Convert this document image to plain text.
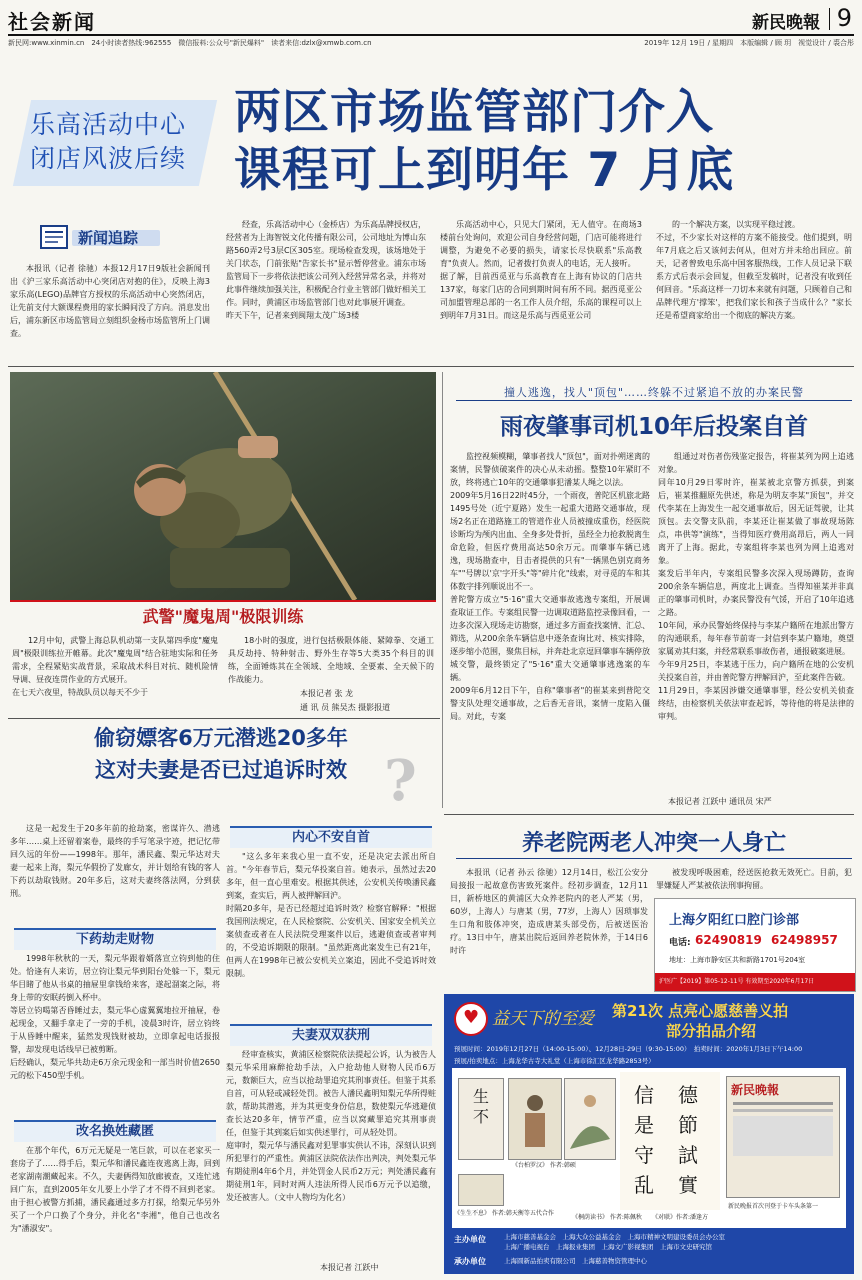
社会新闻	新民晚報 9
新民网:www.xinmin.cn　24小时读者热线:962555　微信报料:公众号"新民爆料"　读者来信:dzlx@xmwb.com.cn	2019年 12月 19日 / 星期四　本版编辑 / 顾 玥　视觉设计 / 裘合彤
乐高活动中心
闭店风波后续
两区市场监管部门介入
课程可上到明年 7 月底
新闻追踪

本报讯（记者 徐驰）本报12月17日9版社会新闻刊出《沪三家乐高活动中心突闭店对抱的住》，反映上海3家乐高(LEGO)品牌官方授权的乐高活动中心突然闭店，让先前支付大额课程费用的家长瞬间没了方向。消息发出后，浦东新区市场监管局立刻组织金杨市场监管所上门调查。

经查，乐高活动中心（金桥店）为乐高品牌授权店，经营者为上海智锐文化传播有限公司，公司地址为博山东路560弄2号3层C区305室。现场检查发现，该场地处于关门状态，门前张贴"告家长书"显示暂停营业。浦东市场监管局下一步将依法把该公司列入经营异常名录，并将对此事件继续加强关注，积极配合行业主管部门做好相关工作。同时，黄浦区市场监管部门也对此事展开调查。
昨天下午，记者来到闽翔太茂广场3楼

乐高活动中心，只见大门紧闭，无人值守。在商场3楼前台处询问，欢迎公司自身经营问题，门店可能将进行调整，为避免不必要的损失，请家长尽快联系"乐高教育"负责人。然而，记者拨打负责人的电话，无人接听。
据了解，目前西觅亚与乐高教育在上海有协议的门店共137家，每家门店的合同到期时间有所不同。据西觅亚公司加盟管理总部的一名工作人员介绍，乐高的课程可以上到明年7月31日。而这是乐高与西觅亚公司

的一个解决方案，以实现平稳过渡。
不过，不少家长对这样的方案不能接受。他们提到，明年7月底之后又该何去何从，但对方并未给出回应。前天，记者曾致电乐高中国客服热线，工作人员记录下联系方式后表示会回复，但截至发稿时，记者没有收到任何回音。"乐高这样一刀切本来就有问题，只顾着自己和品牌代理方'撑笨'，把我们家长和孩子当成什么？"家长还是希望商家给出一个彻底的解决方案。

武警"魔鬼周"极限训练

12月中旬，武警上海总队机动第一支队第四季度"魔鬼周"极限训练拉开帷幕。此次"魔鬼周"结合驻地实际和任务需求，全程紧贴实战背景，采取战术科目对抗、随机险情导调、昼夜连贯作业的方式展开。
在七天六夜里，特战队员以每天不少于

18小时的强度，进行包括极限体能、紧障拳、交通工具反劫持、特种射击、野外生存等5大类35个科目的训练，全面锤炼其在全领域、全地域、全要素、全天候下的作战能力。

本报记者 张 龙
通 讯 员 熊吴杰 摄影报道
撞人逃逸，找人"顶包"……终躲不过紧追不放的办案民警
雨夜肇事司机10年后投案自首

监控视频模糊，肇事者找人"顶包"，面对扑朔迷离的案情，民警侦破案件的决心从未动摇。整整10年紧盯不放，终将逃亡10年的交通肇事犯潘某人绳之以法。
2009年5月16日22时45分，一个雨夜，普陀区机旅北路1495号处（近宁夏路）发生一起重大道路交通事故，现场2名正在道路施工的管道作业人员被撞成重伤，经医院诊断均为颅内出血、全身多处骨折，虽经全力抢救脱离生命危险，但医疗费用高达50余万元。而肇事车辆已逃逸，现场勘查中，目击者提供的只有"一辆黑色别克商务车""号牌以'京'字开头"等"碎片化"线索，对寻觅的车和其体数字排列顺说出不一。
普陀警方成立"5·16"重大交通事故逃逸专案组，开展调查取证工作。专案组民警一边调取道路监控录像回看，一边多次深入现场走访勘察，通过多方面查找案情、汇总、筛选，从200余条车辆信息中逐条查询比对、核实排除，逐步缩小范围，聚焦目标，并奔赴北京逗回肇事车辆停放城交警，最终锁定了"5·16"重大交通肇事逃逸案的车辆。
2009年6月12日下午，自称"肇事者"的崔某来到普陀交警支队处理交通事故，之后香无音讯，案情一度陷入僵局。对此，专案

组通过对伤者伤残鉴定报告，将崔某列为网上追逃对象。
同年10月29日零时许，崔某被北京警方抓获，到案后，崔某推翻原先供述，称是为明友李某"顶包"，并交代李某在上海发生一起交通事故后，因无证驾驶，让其顶包。去交警支队前，李某还让崔某做了事故现场陈点，串供等"演练"，当得知医疗费用高昂后，两人一同离开了上海。据此，专案组将李某也列为网上追逃对象。
案发后半年内，专案组民警多次深入现场蹲防，查询200余条车辆信息，两度北上调查。当得知崔某并非真正的肇事司机时，办案民警没有气馁，开启了10年追逃之路。
10年间，承办民警始终保持与李某户籍所在地派出警方的沟通联系，每年春节前寄一封信到李某户籍地，奠望家属劝其归案，并经常联系事故伤者，通报破案进展。
今年9月25日，李某逃于压力，向户籍所在地的公安机关投案自首，并由普陀警方押解回沪，至此案件告破。
11月29日，李某因涉嫌交通肇事罪，经公安机关侦查终结，由检察机关依法审查起诉，等待他的将是法律的审判。

本报记者 江跃中 通讯员 宋严
偷窃嫖客6万元潜逃20多年
这对夫妻是否已过追诉时效 ?

这是一起发生于20多年前的抢劫案，密谋许久、潜逃多年……桌上还留着案卷，最终的手写笔录字迹，把记忆带回久远的年份——1998年。那年，潘民鑫、梨元华达对夫妻一起来上海，梨元华假扮了发廊女，并计划给有钱的客人下药以劫取钱财。20年多后，这对夫妻终落法网，分到获刑。

下药劫走财物

1998年秋秋的一天，梨元华跟着婿落宣立钧到他的住处。恰逢有人来访，居立钧让梨元华到阳台处躲一下，梨元华目睹了他从书桌的抽屉里拿钱给来客，遂起溜案之际，将身上带的安眠药倒入杯中。
等居立钧喝第否昏睡过去，梨元华心虚翼翼地拉开抽屉，卷起现金，又翻手拿走了一旁的手机，凌晨3时许，居立钧终于从昏睡中醒来，猛然发现钱财被劫，立即拿起电话报报警，却发现电话线早已被剪断。
后经确认，梨元华共劫走6万余元现金和一部当时价值2650元的松下450型手机。

改名换姓藏匿

在那个年代，6万元无疑是一笔巨款，可以在老家买一套房子了……得手后，梨元华和潘民鑫连夜逃离上海，回到老家湖南潮藏起来。不久，夫妻俩得知放廊被查，又连忙逃回广东，直到2005年女儿要上小学了才不得不回到老家。由于担心被警方抓捕，潘民鑫通过多方打探，给梨元华另外买了一个户口换了个身分，并化名"李湘"，他自己也改名为"潘淑安"。

内心不安自首

"这么多年来我心里一直不安，还是决定去派出所自首。"今年春节后，梨元华投案自首。她表示，虽然过去20多年，但一直心里难安。根据其供述，公安机关传唤潘民鑫到案，查实后，两人被押解回沪。
时隔20多年，是否已经超过追诉时效？检察官解释："根据我国刑法规定，在人民检察院、公安机关、国家安全机关立案侦查或者在人民法院受理案件以后，逃避侦查或者审判的，不受追诉期限的限制。"虽然距离此案发生已有21年，但两人在1998年已被公安机关立案追，因此不受追诉时效限制。

夫妻双双获刑

经审查核实，黄浦区检察院依法提起公诉，认为被告人梨元华采用麻醉抢劫手法，入户抢劫他人财物人民币6万元，数额巨大，应当以抢劫罪追究其刑事责任。但鉴于其系自首，可从轻或减轻处罚。被告人潘民鑫明知梨元华所得赃款，帮助其潜逃，并为其更变身份信息，数使梨元华逃避侦查长达20多年，情节严重，应当以窝藏罪追究其刑事责任，但鉴于其到案后如实供述罪行，可从轻处罚。
庭审时，梨元华与潘民鑫对犯罪事实供认不讳，深刻认识到所犯罪行的严重性。黄浦区法院依法作出判决，判处梨元华有期徒刑4年6个月，并处罚金人民币2万元；判处潘民鑫有期徒刑1年，同时对两人违法所得人民币6万元予以追缴，发还被害人。（文中人物均为化名）

本报记者 江跃中
养老院两老人冲突一人身亡

本报讯（记者 孙云 徐驰）12月14日，松江公安分局接报一起故意伤害致死案件。经初步调查，12月11日，新桥地区的黄浦区大众养老院内的老人严某（男，60岁，上海人）与唐某（男，77岁，上海人）因琐事发生口角和肢体冲突，造成唐某头部受伤，后被送医治疗。13日中午，唐某出院后返回养老院休养，于14日6时许

被发现呼吸困难，经送医抢救无效死亡。目前，犯罪嫌疑人严某被依法刑事拘留。

上海夕阳红口腔门诊部
电话: 62490819 62498957
地址：上海市静安区共和新路1701号204室
沪医广【2019】第05-12-11号 有效期至2020年6月17日
♥ 益天下的至爱 第21次 点亮心愿慈善义拍
部分拍品介绍
预展时间：2019年12月27日（14:00-15:00）、12月28日-29日（9:30-15:00）　拍卖时间：2020年1月3日下午14:00
预展/拍卖地点：上海龙华古寺大礼堂（上海市徐汇区龙华路2853号）
生
不
《台柏罗汉》 作者:韩硕
《生生不息》 作者:韩天衡等五代合作
《桐荫读书》 作者:陈佩秋
信
是
守
乱
德
節
試
實
《对联》作者:潘逢方
新民晚報
新民晚报首次刊登于卡车头条第一
主办单位	上海市慈善基金会　上海大众公益基金会　上海市精神文明建设委员会办公室
上海广播电视台　上海报业集团　上海文广影视集团　上海市文史研究馆
承办单位	上海圆新品拍卖有限公司　上海慈善物资管理中心
